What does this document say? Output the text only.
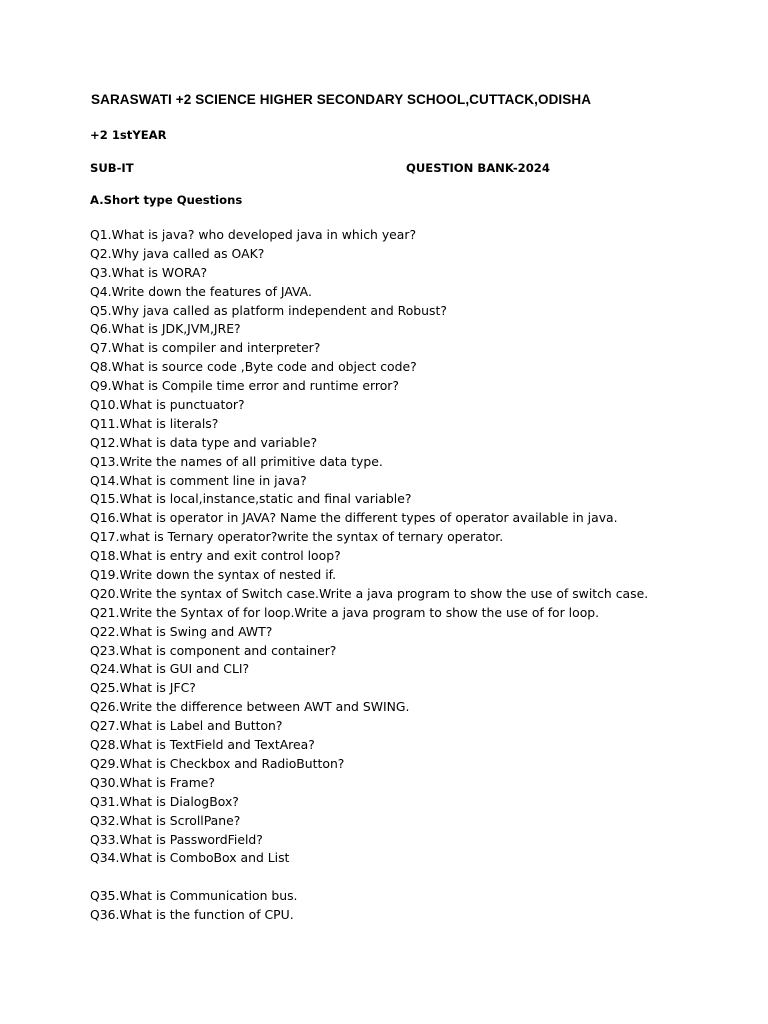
SARASWATI +2 SCIENCE HIGHER SECONDARY SCHOOL,CUTTACK,ODISHA
+2 1stYEAR
SUB-IT	QUESTION BANK-2024
A.Short type Questions
Q1.What is java? who developed java in which year?
Q2.Why java called as OAK?
Q3.What is WORA?
Q4.Write down the features of JAVA.
Q5.Why java called as platform independent and Robust?
Q6.What is JDK,JVM,JRE?
Q7.What is compiler and interpreter?
Q8.What is source code ,Byte code and object code?
Q9.What is Compile time error and runtime error?
Q10.What is punctuator?
Q11.What is literals?
Q12.What is data type and variable?
Q13.Write the names of all primitive data type.
Q14.What is comment line in java?
Q15.What is local,instance,static and final variable?
Q16.What is operator in JAVA? Name the different types of operator available in java.
Q17.what is Ternary operator?write the syntax of ternary operator.
Q18.What is entry and exit control loop?
Q19.Write down the syntax of nested if.
Q20.Write the syntax of Switch case.Write a java program to show the use of switch case.
Q21.Write the Syntax of for loop.Write a java program to show the use of for loop.
Q22.What is Swing and AWT?
Q23.What is component and container?
Q24.What is GUI and CLI?
Q25.What is JFC?
Q26.Write the difference between AWT and SWING.
Q27.What is Label and Button?
Q28.What is TextField and TextArea?
Q29.What is Checkbox and RadioButton?
Q30.What is Frame?
Q31.What is DialogBox?
Q32.What is ScrollPane?
Q33.What is PasswordField?
Q34.What is ComboBox and List
Q35.What is Communication bus.
Q36.What is the function of CPU.
